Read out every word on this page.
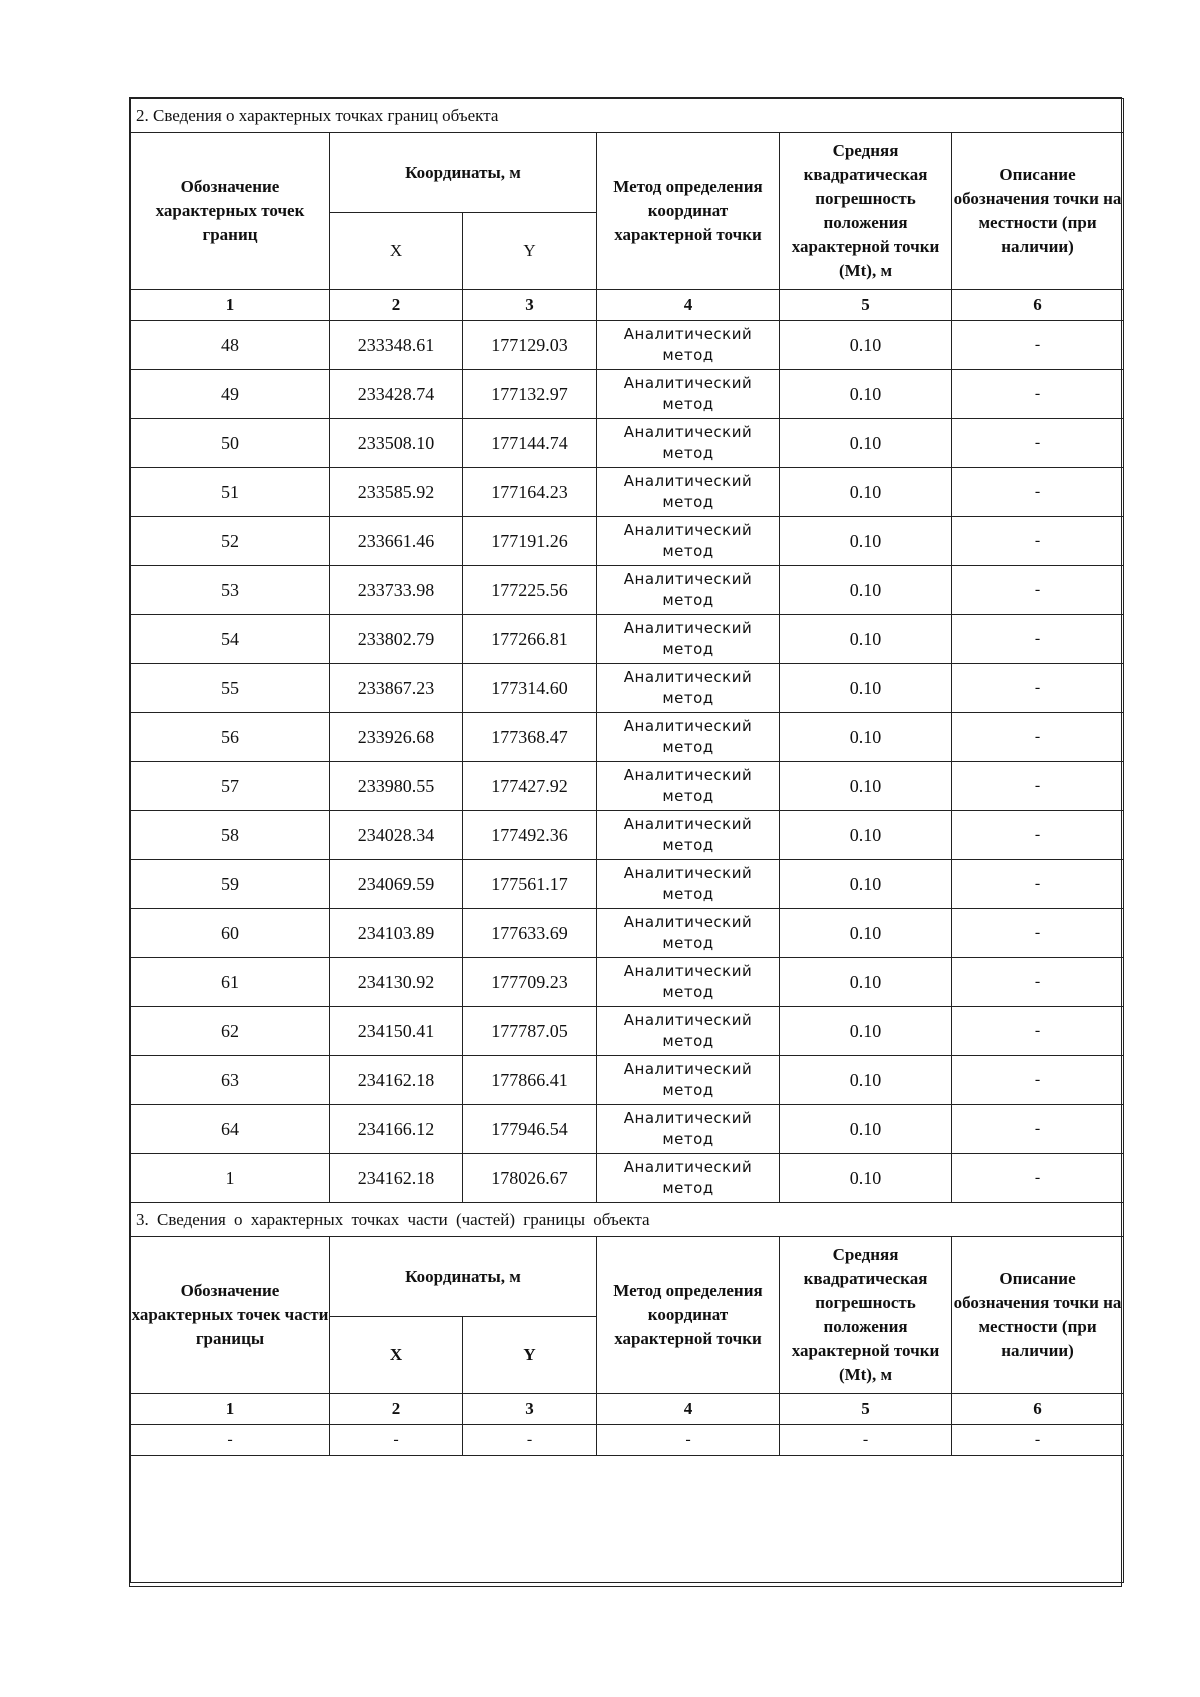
2. Сведения о характерных точках границ объекта					
Обозначение характерных точек границ	Координаты, м		Метод определения координат характерной точки	Средняя квадратическая погрешность положения характерной точки (Mt), м	Описание обозначения точки на местности (при наличии)
	X	Y			
1	2	3	4	5	6
48	233348.61	177129.03	Аналитический метод	0.10	-
49	233428.74	177132.97	Аналитический метод	0.10	-
50	233508.10	177144.74	Аналитический метод	0.10	-
51	233585.92	177164.23	Аналитический метод	0.10	-
52	233661.46	177191.26	Аналитический метод	0.10	-
53	233733.98	177225.56	Аналитический метод	0.10	-
54	233802.79	177266.81	Аналитический метод	0.10	-
55	233867.23	177314.60	Аналитический метод	0.10	-
56	233926.68	177368.47	Аналитический метод	0.10	-
57	233980.55	177427.92	Аналитический метод	0.10	-
58	234028.34	177492.36	Аналитический метод	0.10	-
59	234069.59	177561.17	Аналитический метод	0.10	-
60	234103.89	177633.69	Аналитический метод	0.10	-
61	234130.92	177709.23	Аналитический метод	0.10	-
62	234150.41	177787.05	Аналитический метод	0.10	-
63	234162.18	177866.41	Аналитический метод	0.10	-
64	234166.12	177946.54	Аналитический метод	0.10	-
1	234162.18	178026.67	Аналитический метод	0.10	-
3. Сведения о характерных точках части (частей) границы объекта					
Обозначение характерных точек части границы	Координаты, м		Метод определения координат характерной точки	Средняя квадратическая погрешность положения характерной точки (Mt), м	Описание обозначения точки на местности (при наличии)
	X	Y			
1	2	3	4	5	6
-	-	-	-	-	-
